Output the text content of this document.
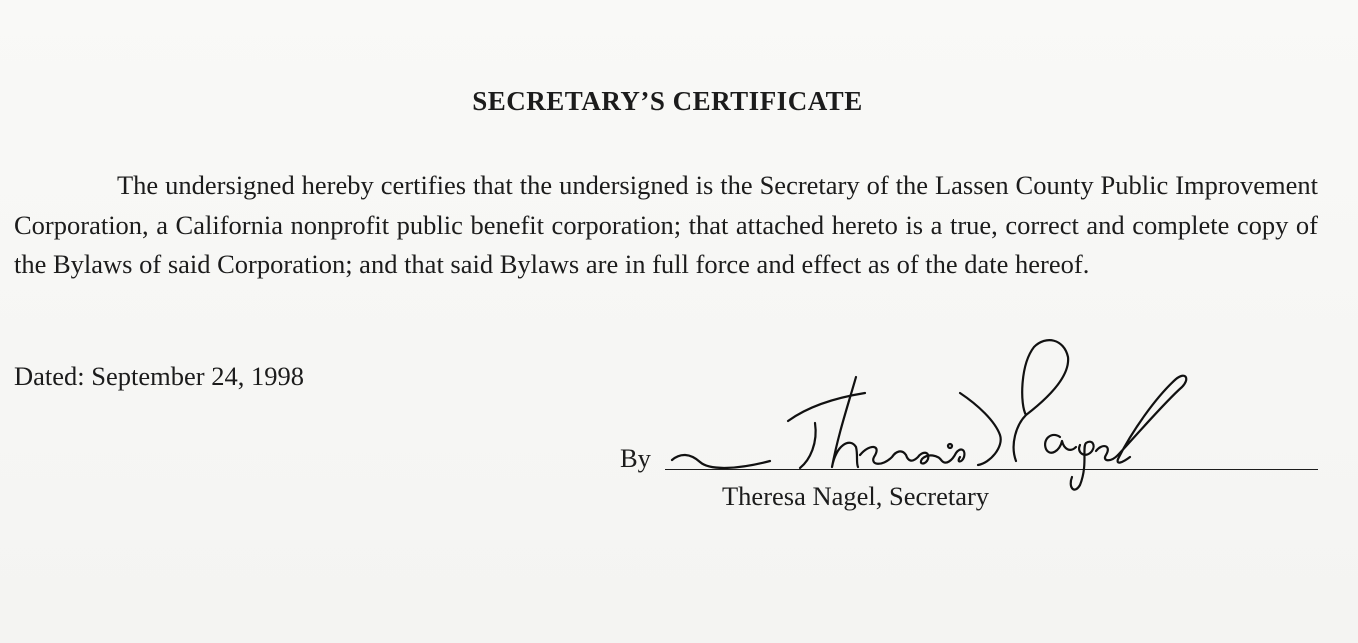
SECRETARY’S CERTIFICATE

The undersigned hereby certifies that the undersigned is the Secretary of the Lassen County Public Improvement Corporation, a California nonprofit public benefit corporation; that attached hereto is a true, correct and complete copy of the Bylaws of said Corporation; and that said Bylaws are in full force and effect as of the date hereof.

Dated: September 24, 1998
By
Theresa Nagel, Secretary
